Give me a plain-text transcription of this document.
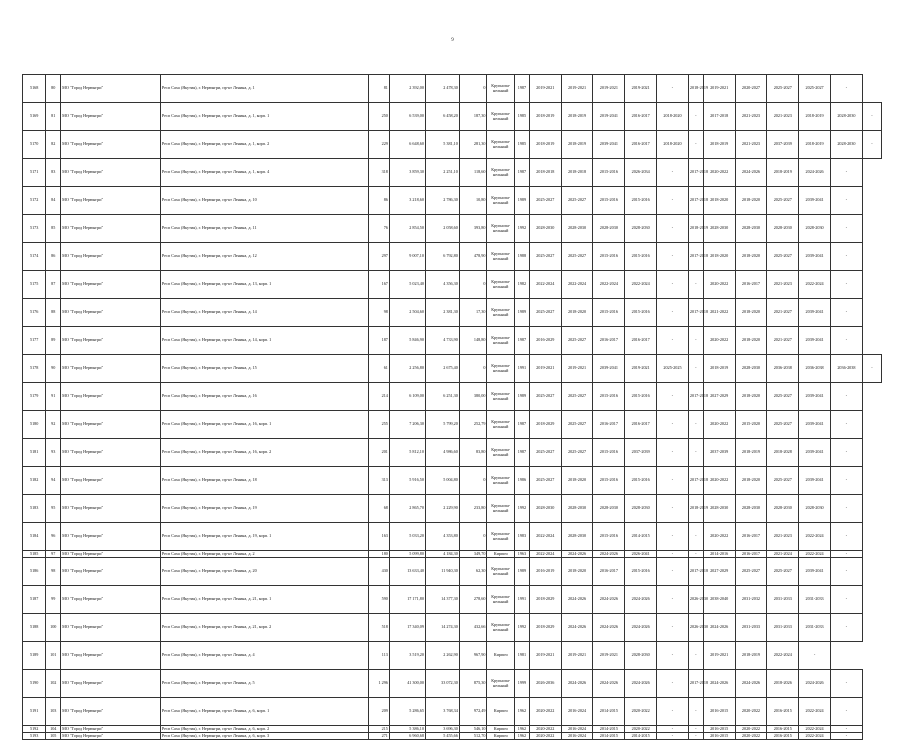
9
5168	80	МО "Город Нерюнгри"	Респ Саха (Якутия), г. Нерюнгри, пр-кт Ленина, д. 1	81	2 392,00	2 478,30	0	Крупнопа-нельный	1987	2019-2021	2019-2021	2019-2021	2019-2021	-	2018-2019	2019-2021	2020-2027	2025-2027	2025-2027	-	
5169	81	МО "Город Нерюнгри"	Респ Саха (Якутия), г. Нерюнгри, пр-кт Ленина, д. 1, корп. 1	250	6 539,00	6 458,20	187,30	Крупнопа-нельный	1985	2018-2019	2018-2019	2019-2041	2016-2017	2018-2020	-	2017-2018	2021-2023	2021-2023	2018-2019	2028-2030	-
5170	82	МО "Город Нерюнгри"	Респ Саха (Якутия), г. Нерюнгри, пр-кт Ленина, д. 1, корп. 2	229	6 648,60	5 381,10	281,30	Крупнопа-нельный	1985	2018-2019	2018-2019	2039-2041	2016-2017	2018-2020	-	2018-2019	2021-2023	2037-2039	2018-2019	2028-2030	-
5171	83	МО "Город Нерюнгри"	Респ Саха (Якутия), г. Нерюнгри, пр-кт Ленина, д. 1, корп. 4	318	3 859,30	2 251,10	118,60	Крупнопа-нельный	1987	2018-2018	2018-2018	2015-2016	2026-2034	-	2017-2018	2020-2022	2024-2026	2018-2019	2024-2026	-	
5172	84	МО "Город Нерюнгри"	Респ Саха (Якутия), г. Нерюнгри, пр-кт Ленина, д. 10	86	3 218,60	2 786,30	10,80	Крупнопа-нельный	1989	2025-2027	2025-2027	2015-2016	2015-2016	-	2017-2018	2018-2020	2018-2020	2025-2027	2039-2041	-	
5173	85	МО "Город Нерюнгри"	Респ Саха (Якутия), г. Нерюнгри, пр-кт Ленина, д. 11	76	2 854,50	2 058,60	393,80	Крупнопа-нельный	1992	2028-2030	2028-2030	2028-2030	2028-2030	-	2018-2019	2028-2030	2028-2030	2028-2030	2028-2030	-	
5174	86	МО "Город Нерюнгри"	Респ Саха (Якутия), г. Нерюнгри, пр-кт Ленина, д. 12	297	9 007,10	6 792,80	478,90	Крупнопа-нельный	1988	2025-2027	2025-2027	2015-2016	2015-2016	-	2017-2018	2018-2020	2018-2020	2025-2027	2039-2041	-	
5175	87	МО "Город Нерюнгри"	Респ Саха (Якутия), г. Нерюнгри, пр-кт Ленина, д. 13, корп. 1	167	5 023,40	4 356,30	0	Крупнопа-нельный	1982	2022-2024	2022-2024	2022-2024	2022-2024	-	-	2020-2022	2016-2017	2021-2023	2022-2024	-	
5176	88	МО "Город Нерюнгри"	Респ Саха (Якутия), г. Нерюнгри, пр-кт Ленина, д. 14	98	2 504,60	2 381,30	17,30	Крупнопа-нельный	1989	2025-2027	2018-2020	2015-2016	2015-2016	-	2017-2018	2021-2022	2018-2020	2021-2027	2039-2041	-	
5177	89	МО "Город Нерюнгри"	Респ Саха (Якутия), г. Нерюнгри, пр-кт Ленина, д. 14, корп. 1	187	5 846,90	4 733,90	148,80	Крупнопа-нельный	1987	2016-2029	2025-2027	2016-2017	2016-2017	-	-	2020-2022	2018-2020	2021-2027	2039-2041	-	
5178	90	МО "Город Нерюнгри"	Респ Саха (Якутия), г. Нерюнгри, пр-кт Ленина, д. 15	61	2 256,80	2 675,40	0	Крупнопа-нельный	1991	2019-2021	2019-2021	2039-2041	2019-2021	2025-2025	-	2018-2019	2028-2030	2036-2038	2036-2038	2036-2038	-
5179	91	МО "Город Нерюнгри"	Респ Саха (Якутия), г. Нерюнгри, пр-кт Ленина, д. 16	214	6 109,00	6 251,30	380,00	Крупнопа-нельный	1989	2025-2027	2025-2027	2015-2016	2015-2016	-	2017-2018	2027-2029	2018-2020	2025-2027	2039-2041	-	
5180	92	МО "Город Нерюнгри"	Респ Саха (Якутия), г. Нерюнгри, пр-кт Ленина, д. 16, корп. 1	255	7 206,30	5 799,20	252,79	Крупнопа-нельный	1987	2018-2029	2025-2027	2016-2017	2016-2017	-	-	2020-2022	2015-2020	2025-2027	2039-2041	-	
5181	93	МО "Город Нерюнгри"	Респ Саха (Якутия), г. Нерюнгри, пр-кт Ленина, д. 16, корп. 2	201	5 812,10	4 986,60	83,80	Крупнопа-нельный	1987	2025-2027	2025-2027	2015-2016	2037-2039	-	-	2037-2039	2018-2019	2018-2028	2039-2041	-	
5182	94	МО "Город Нерюнгри"	Респ Саха (Якутия), г. Нерюнгри, пр-кт Ленина, д. 18	313	5 916,50	5 004,80	0	Крупнопа-нельный	1986	2025-2027	2018-2020	2015-2016	2015-2016	-	2017-2018	2020-2022	2018-2020	2025-2027	2039-2041	-	
5183	95	МО "Город Нерюнгри"	Респ Саха (Якутия), г. Нерюнгри, пр-кт Ленина, д. 19	68	2 865,70	2 229,90	233,80	Крупнопа-нельный	1992	2028-2030	2028-2030	2028-2030	2028-2030	-	2018-2019	2028-2030	2028-2030	2028-2030	2028-2030	-	
5184	96	МО "Город Нерюнгри"	Респ Саха (Якутия), г. Нерюнгри, пр-кт Ленина, д. 19, корп. 1	163	5 033,20	4 353,80	0	Крупнопа-нельный	1983	2022-2024	2028-2030	2015-2016	2014-2015	-	-	2020-2022	2016-2017	2021-2023	2022-2024	-	
5185	97	МО "Город Нерюнгри"	Респ Саха (Якутия), г. Нерюнгри, пр-кт Ленина, д. 2	180	5 099,80	4 184,30	349,70	Кирпич	1963	2022-2024	2024-2026	2024-2026	2026-2041	-	-	2014-2016	2016-2017	2021-2024	2022-2024	-	
5186	98	МО "Город Нерюнгри"	Респ Саха (Якутия), г. Нерюнгри, пр-кт Ленина, д. 20	430	13 633,40	11 940,30	62,30	Крупнопа-нельный	1989	2016-2019	2018-2020	2016-2017	2015-2016	-	2017-2018	2027-2029	2025-2027	2025-2027	2039-2041	-	
5187	99	МО "Город Нерюнгри"	Респ Саха (Якутия), г. Нерюнгри, пр-кт Ленина, д. 21, корп. 1	590	17 171,80	14 377,30	278,60	Крупнопа-нельный	1991	2018-2029	2024-2026	2024-2026	2024-2026	-	2026-2030	2038-2040	2031-2032	2031-2033	2031-2033	-	
5188	100	МО "Город Нерюнгри"	Респ Саха (Якутия), г. Нерюнгри, пр-кт Ленина, д. 21, корп. 2	518	17 340,09	14 274,30	432,66	Крупнопа-нельный	1992	2018-2029	2024-2026	2024-2026	2024-2026	-	2026-2030	2024-2026	2031-2033	2031-2033	2031-2033	-	
5189	101	МО "Город Нерюнгри"	Респ Саха (Якутия), г. Нерюнгри, пр-кт Ленина, д. 4	113	3 519,20	2 262,90	967,90	Кирпич	1981	2019-2021	2019-2021	2019-2021	2028-2030	-	-	2019-2021	2018-2019	2022-2024	-		
5190	102	МО "Город Нерюнгри"	Респ Саха (Якутия), г. Нерюнгри, пр-кт Ленина, д. 5	1 296	41 300,00	33 072,30	875,30	Крупнопа-нельный	1999	2026-2036	2024-2026	2024-2026	2024-2026	-	2017-2018	2024-2026	2024-2026	2018-2026	2024-2026	-	
5191	103	МО "Город Нерюнгри"	Респ Саха (Якутия), г. Нерюнгри, пр-кт Ленина, д. 6, корп. 1	209	5 286,65	3 768,34	972,49	Кирпич	1962	2020-2022	2016-2024	2014-2015	2020-2022	-	-	2016-2015	2020-2022	2016-2015	2022-2024	-	
5192	104	МО "Город Нерюнгри"	Респ Саха (Якутия), г. Нерюнгри, пр-кт Ленина, д. 6, корп. 2	215	5 386,10	3 696,30	546,10	Кирпич	1962	2020-2022	2016-2024	2014-2015	2020-2022	-	-	2016-2015	2020-2022	2016-2015	2022-2024	-	
5193	105	МО "Город Нерюнгри"	Респ Саха (Якутия), г. Нерюнгри, пр-кт Ленина, д. 6, корп. 3	271	6 960,68	5 455,66	512,70	Кирпич	1962	2020-2022	2016-2024	2014-2015	2014-2015	-	-	2016-2015	2020-2022	2016-2015	2022-2024	-	
